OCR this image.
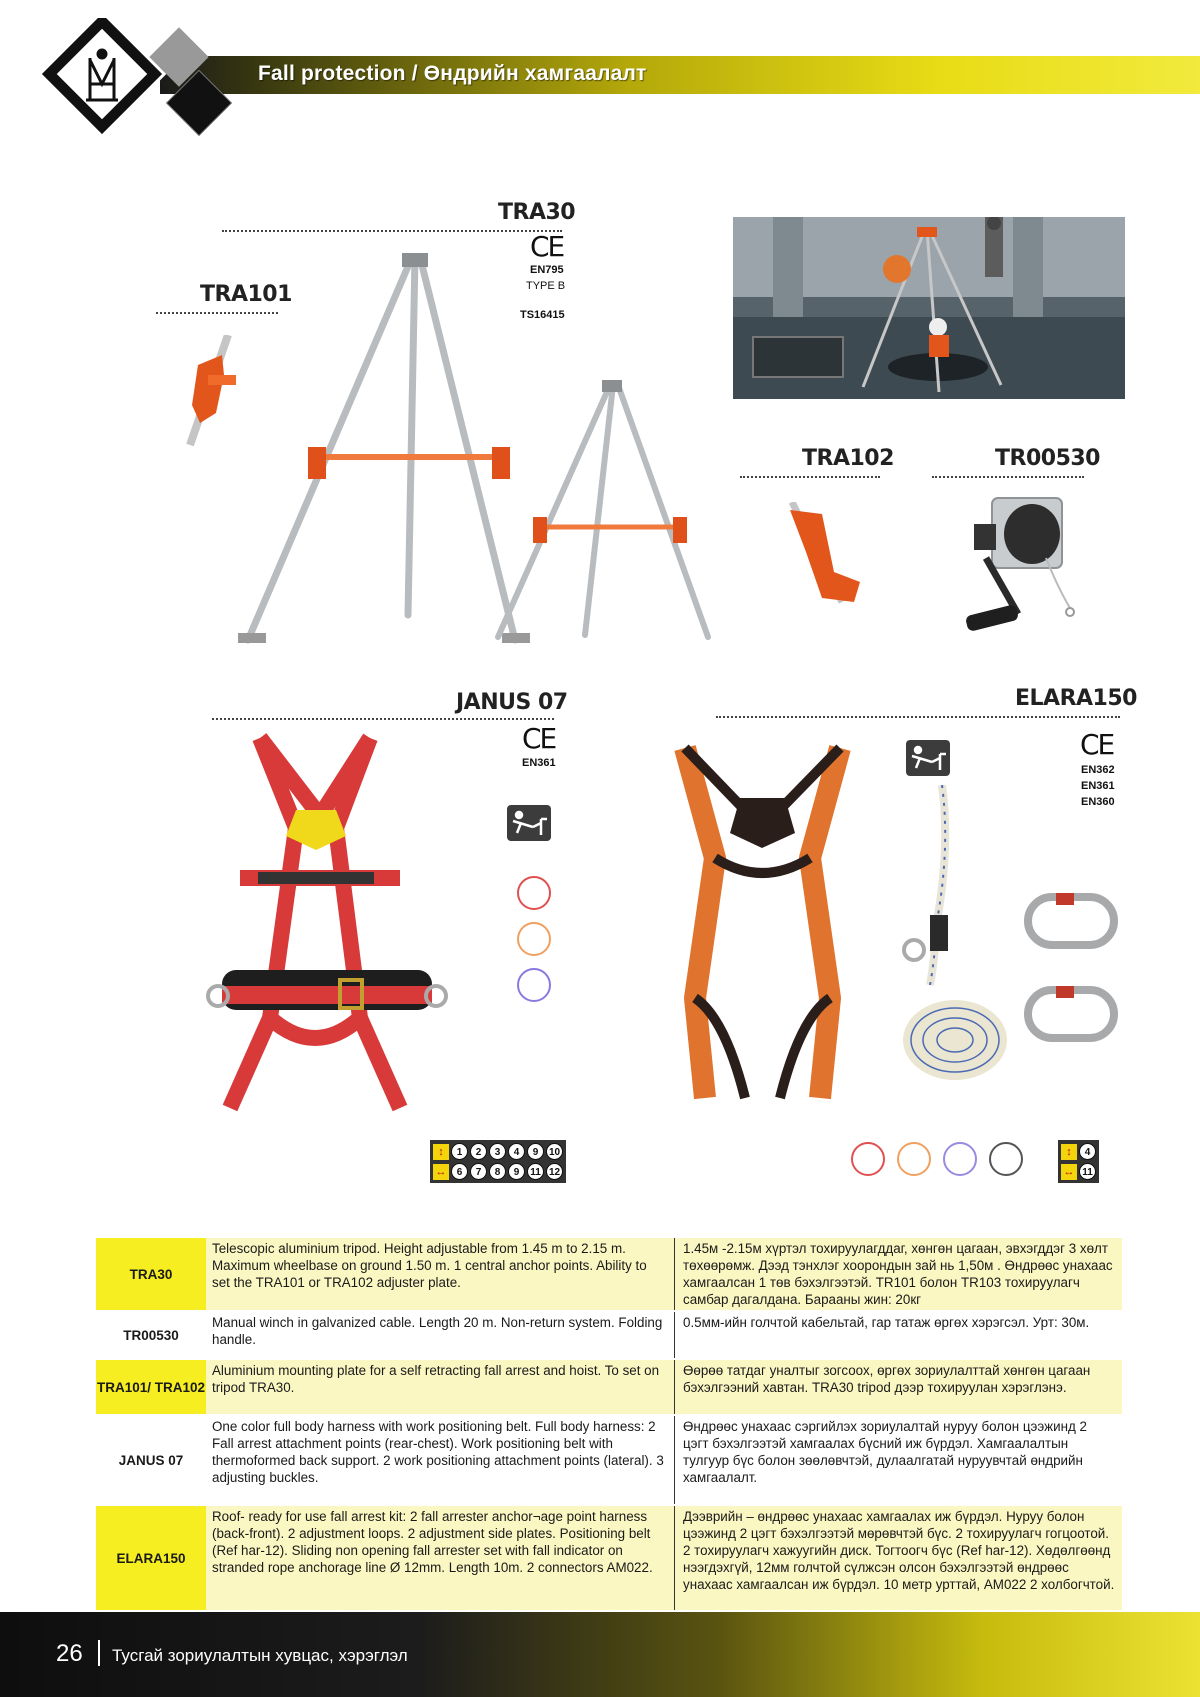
Fall protection / Өндрийн хамгаалалт
TRA30
CE
EN795
TYPE B
TS16415
TRA101
TRA102	TR00530
JANUS 07
CE
EN361
↕	1	2	3	4	9	10
↔	6	7	8	9	11 12
ELARA150
CE
EN362
EN361
EN360
↕	4
↔ 11
TRA30
Telescopic aluminium tripod. Height adjustable from 1.45 m to 2.15 m. Maximum wheelbase on ground 1.50 m. 1 central anchor points. Ability to set the TRA101 or TRA102 adjuster plate.
1.45м -2.15м хүртэл тохируулагддаг, хөнгөн цагаан, эвхэгддэг 3 хөлт төхөөрөмж. Дээд тэнхлэг хоорондын зай нь 1,50м . Өндрөөс унахаас хамгаалсан 1 төв бэхэлгээтэй. TR101 болон TR103 тохируулагч самбар дагалдана. Барааны жин: 20кг
TR00530
Manual winch in galvanized cable. Length 20 m. Non-return system. Folding handle.
0.5мм-ийн голчтой кабельтай, гар татаж өргөх хэрэгсэл. Урт: 30м.
TRA101/ TRA102
Aluminium mounting plate for a self retracting fall arrest and hoist. To set on tripod TRA30.
Өөрөө татдаг уналтыг зогсоох, өргөх зориулалттай хөнгөн цагаан бэхэлгээний хавтан. TRA30 tripod дээр тохируулан хэрэглэнэ.
JANUS 07
One color full body harness with work positioning belt. Full body harness: 2 Fall arrest attachment points (rear-chest). Work positioning belt with thermoformed back support. 2 work positioning attachment points (lateral). 3 adjusting buckles.
Өндрөөс унахаас сэргийлэх зориулалтай нуруу болон цээжинд 2 цэгт бэхэлгээтэй хамгаалах бүсний иж бүрдэл. Хамгаалалтын тулгуур бүс болон зөөлөвчтэй, дулаалгатай нуруувчтай өндрийн хамгаалалт.
ELARA150
Roof- ready for use fall arrest kit: 2 fall arrester anchor¬age point harness (back-front). 2 adjustment loops. 2 adjustment side plates. Positioning belt (Ref har-12). Sliding non opening fall arrester set with fall indicator on stranded rope anchorage line Ø 12mm. Length 10m. 2 connectors AM022.
Дээврийн – өндрөөс унахаас хамгаалах иж бүрдэл. Нуруу болон цээжинд 2 цэгт бэхэлгээтэй мөрөвчтэй бүс. 2 тохируулагч гогцоотой. 2 тохируулагч хажуугийн диск. Тогтоогч бүс (Ref har-12). Хөдөлгөөнд нээгдэхгүй, 12мм голчтой сүлжсэн олсон бэхэлгээтэй өндрөөс унахаас хамгаалсан иж бүрдэл. 10 метр урттай, AM022 2 холбогчтой.
26 Тусгай зориулалтын хувцас, хэрэглэл
